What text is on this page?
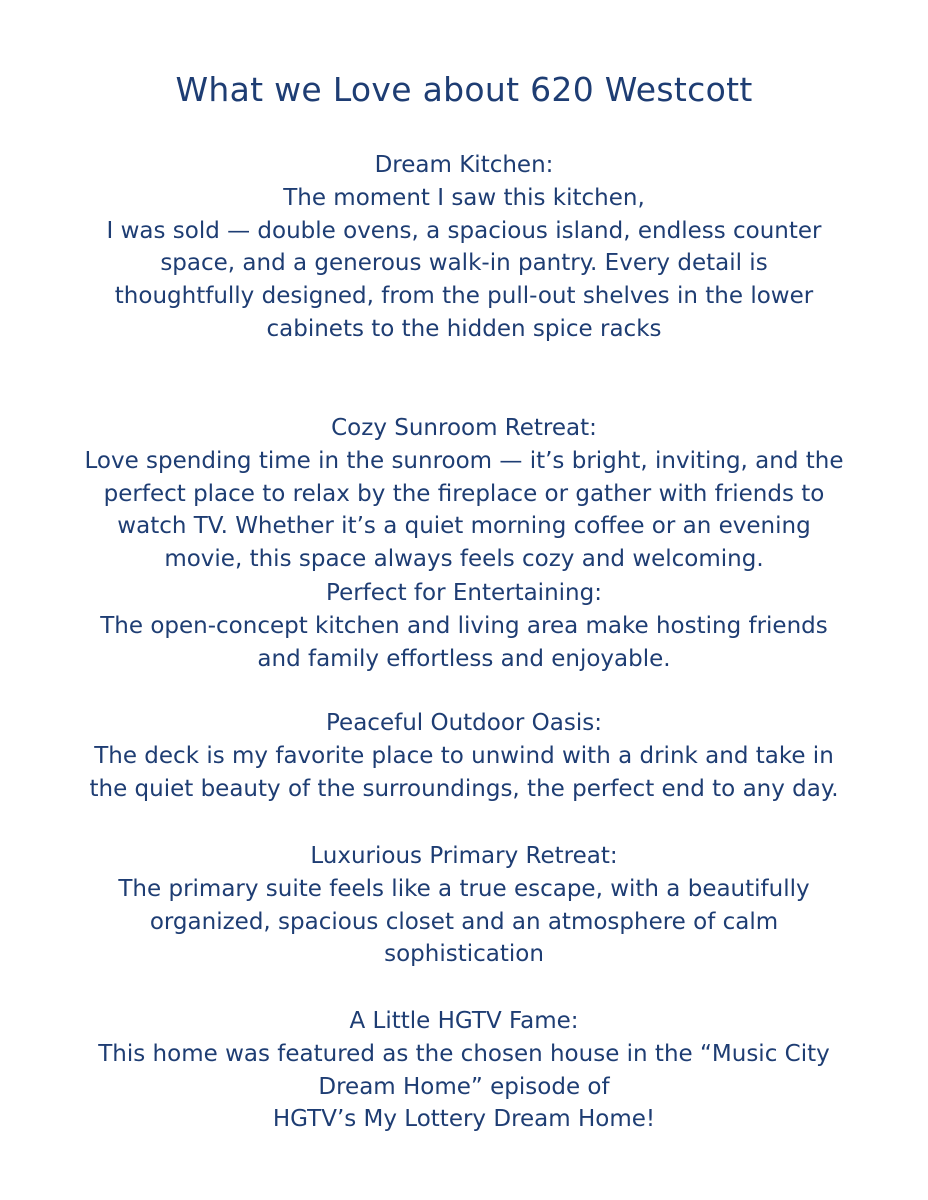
What we Love about 620 Westcott
Dream Kitchen:
The moment I saw this kitchen,
I was sold — double ovens, a spacious island, endless counter
space, and a generous walk-in pantry. Every detail is
thoughtfully designed, from the pull-out shelves in the lower
cabinets to the hidden spice racks
Cozy Sunroom Retreat:
Love spending time in the sunroom — it’s bright, inviting, and the
perfect place to relax by the fireplace or gather with friends to
watch TV. Whether it’s a quiet morning coffee or an evening
movie, this space always feels cozy and welcoming.
Perfect for Entertaining:
The open-concept kitchen and living area make hosting friends
and family effortless and enjoyable.
Peaceful Outdoor Oasis:
The deck is my favorite place to unwind with a drink and take in
the quiet beauty of the surroundings, the perfect end to any day.
Luxurious Primary Retreat:
The primary suite feels like a true escape, with a beautifully
organized, spacious closet and an atmosphere of calm
sophistication
A Little HGTV Fame:
This home was featured as the chosen house in the “Music City
Dream Home” episode of
HGTV’s My Lottery Dream Home!
